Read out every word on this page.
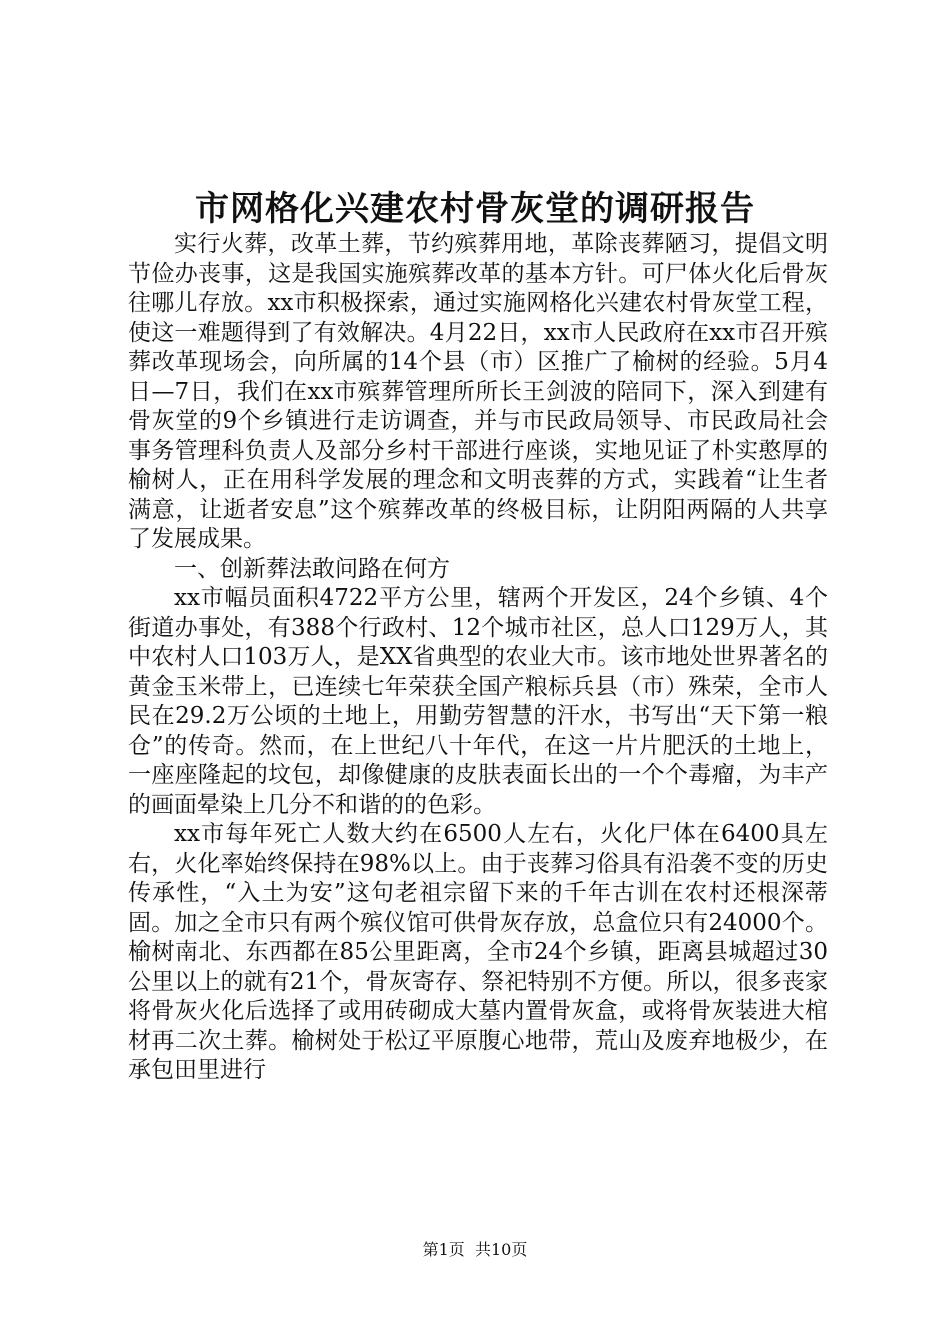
市网格化兴建农村骨灰堂的调研报告

实行火葬，改革土葬，节约殡葬用地，革除丧葬陋习，提倡文明节俭办丧事，这是我国实施殡葬改革的基本方针。可尸体火化后骨灰往哪儿存放。xx市积极探索，通过实施网格化兴建农村骨灰堂工程，使这一难题得到了有效解决。4月22日，xx市人民政府在xx市召开殡葬改革现场会，向所属的14个县（市）区推广了榆树的经验。5月4日—7日，我们在xx市殡葬管理所所长王剑波的陪同下，深入到建有骨灰堂的9个乡镇进行走访调查，并与市民政局领导、市民政局社会事务管理科负责人及部分乡村干部进行座谈，实地见证了朴实憨厚的榆树人，正在用科学发展的理念和文明丧葬的方式，实践着“让生者满意，让逝者安息”这个殡葬改革的终极目标，让阴阳两隔的人共享了发展成果。

一、创新葬法敢问路在何方

xx市幅员面积4722平方公里，辖两个开发区，24个乡镇、4个街道办事处，有388个行政村、12个城市社区，总人口129万人，其中农村人口103万人，是XX省典型的农业大市。该市地处世界著名的黄金玉米带上，已连续七年荣获全国产粮标兵县（市）殊荣，全市人民在29.2万公顷的土地上，用勤劳智慧的汗水，书写出“天下第一粮仓”的传奇。然而，在上世纪八十年代，在这一片片肥沃的土地上，一座座隆起的坟包，却像健康的皮肤表面长出的一个个毒瘤，为丰产的画面晕染上几分不和谐的的色彩。

xx市每年死亡人数大约在6500人左右，火化尸体在6400具左右，火化率始终保持在98%以上。由于丧葬习俗具有沿袭不变的历史传承性，“入土为安”这句老祖宗留下来的千年古训在农村还根深蒂固。加之全市只有两个殡仪馆可供骨灰存放，总盒位只有24000个。榆树南北、东西都在85公里距离，全市24个乡镇，距离县城超过30公里以上的就有21个，骨灰寄存、祭祀特别不方便。所以，很多丧家将骨灰火化后选择了或用砖砌成大墓内置骨灰盒，或将骨灰装进大棺材再二次土葬。榆树处于松辽平原腹心地带，荒山及废弃地极少，在承包田里进行

第1页 共10页
